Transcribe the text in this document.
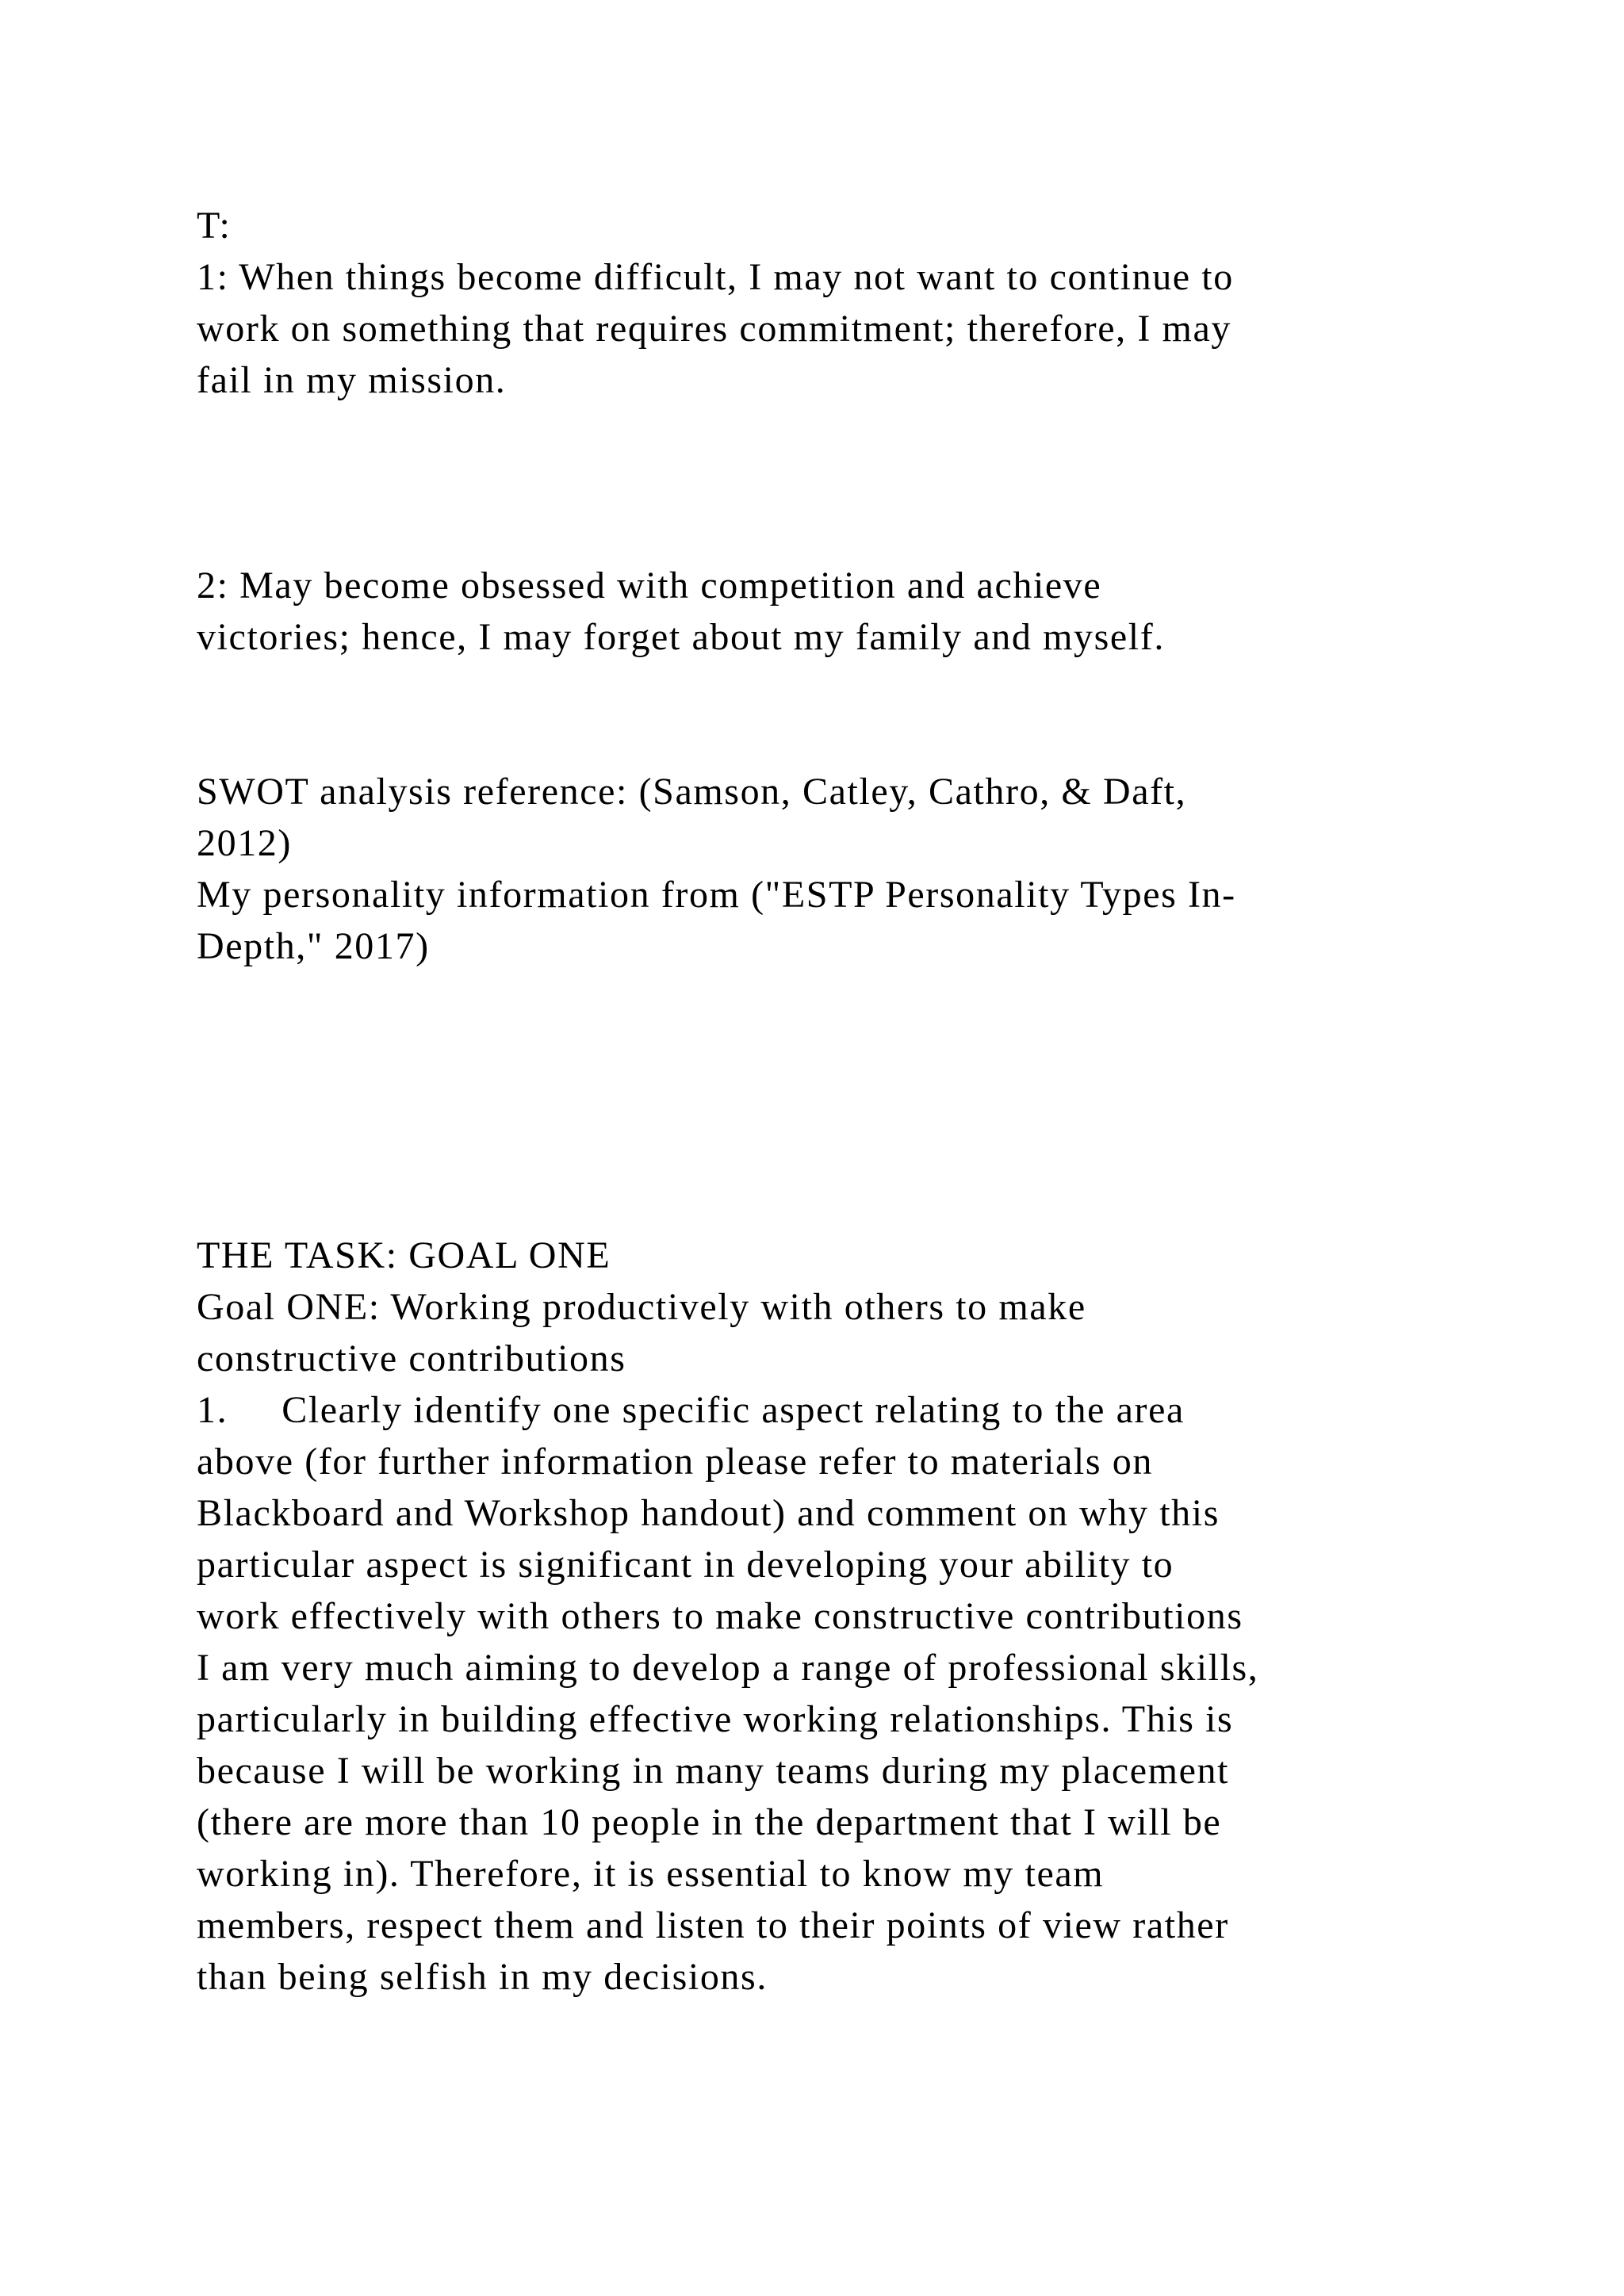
T:
1: When things become difficult, I may not want to continue to
work on something that requires commitment; therefore, I may
fail in my mission.
2: May become obsessed with competition and achieve
victories; hence, I may forget about my family and myself.
SWOT analysis reference: (Samson, Catley, Cathro, & Daft,
2012)
My personality information from ("ESTP Personality Types In-
Depth," 2017)
THE TASK: GOAL ONE
Goal ONE: Working productively with others to make
constructive contributions
1.     Clearly identify one specific aspect relating to the area
above (for further information please refer to materials on
Blackboard and Workshop handout) and comment on why this
particular aspect is significant in developing your ability to
work effectively with others to make constructive contributions
I am very much aiming to develop a range of professional skills,
particularly in building effective working relationships. This is
because I will be working in many teams during my placement
(there are more than 10 people in the department that I will be
working in). Therefore, it is essential to know my team
members, respect them and listen to their points of view rather
than being selfish in my decisions.
